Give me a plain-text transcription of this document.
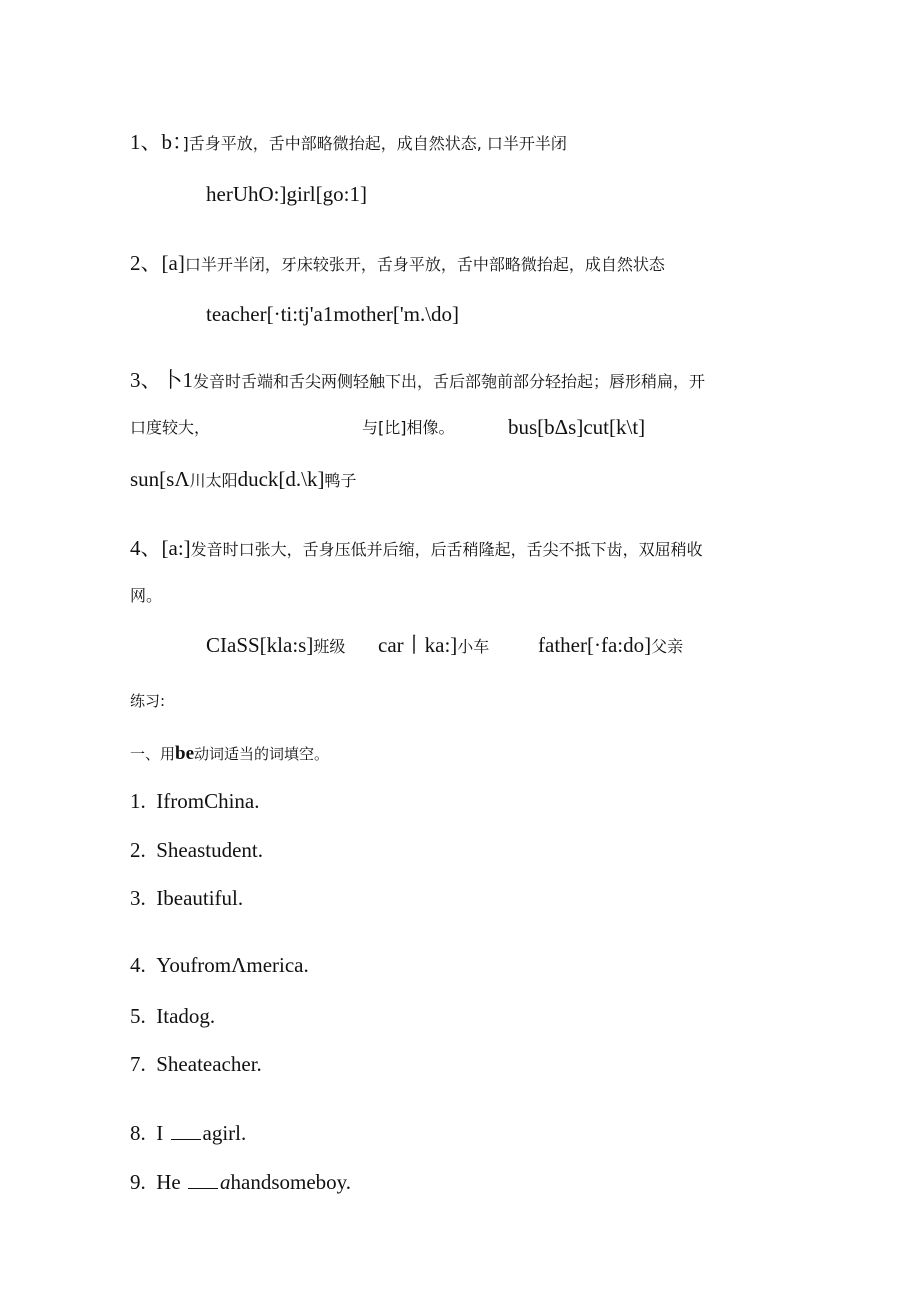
1、b：]舌身平放，舌中部略微抬起，成自然状态, 口半开半闭
herUhO:]girl[go:1]
2、[a]口半开半闭，牙床较张开，舌身平放，舌中部略微抬起，成自然状态
teacher[·ti:tj'a1mother['m.\do]
3、卜1发音时舌端和舌尖两侧轻触下出，舌后部匏前部分轻抬起；唇形稍扁，开
口度较大，	与[比]相像。	bus[bΔs]cut[k\t]
sun[sΛ川太阳duck[d.\k]鸭子
4、[a:]发音时口张大，舌身压低并后缩，后舌稍隆起，舌尖不抵下齿，双屈稍收
网。
CIaSS[kla:s]班级 car丨ka:]小车 father[·fa:do]父亲
练习:
一、用be动词适当的词填空。
1. IfromChina.
2. Sheastudent.
3. Ibeautiful.
4. YoufromΛmerica.
5. Itadog.
7. Sheateacher.
8. I agirl.
9. He ahandsomeboy.
